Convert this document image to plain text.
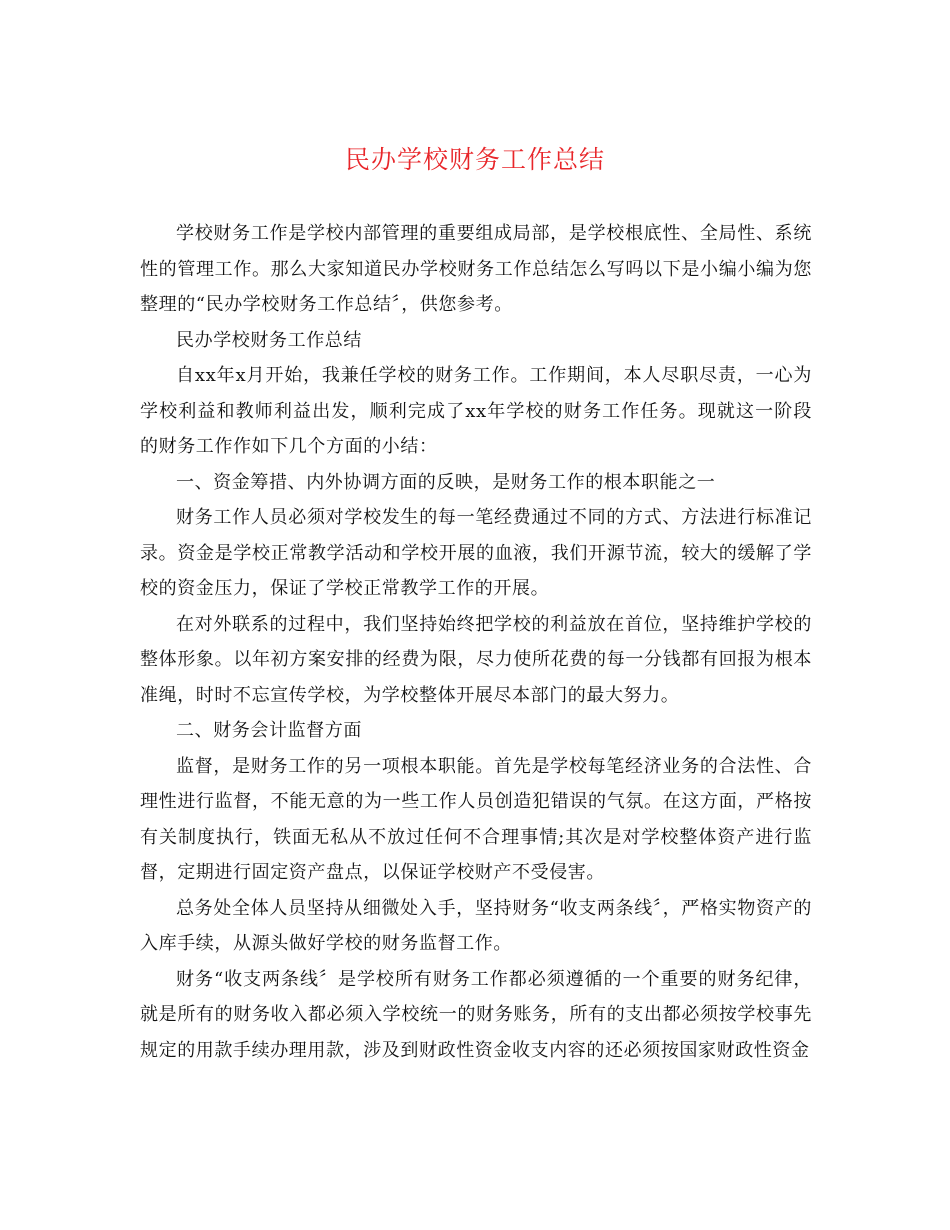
民办学校财务工作总结

学校财务工作是学校内部管理的重要组成局部，是学校根底性、全局性、系统性的管理工作。那么大家知道民办学校财务工作总结怎么写吗以下是小编小编为您整理的“民办学校财务工作总结〞，供您参考。

民办学校财务工作总结

自xx年x月开始，我兼任学校的财务工作。工作期间，本人尽职尽责，一心为学校利益和教师利益出发，顺利完成了xx年学校的财务工作任务。现就这一阶段的财务工作作如下几个方面的小结：

一、资金筹措、内外协调方面的反映，是财务工作的根本职能之一

财务工作人员必须对学校发生的每一笔经费通过不同的方式、方法进行标准记录。资金是学校正常教学活动和学校开展的血液，我们开源节流，较大的缓解了学校的资金压力，保证了学校正常教学工作的开展。

在对外联系的过程中，我们坚持始终把学校的利益放在首位，坚持维护学校的整体形象。以年初方案安排的经费为限，尽力使所花费的每一分钱都有回报为根本准绳，时时不忘宣传学校，为学校整体开展尽本部门的最大努力。

二、财务会计监督方面

监督，是财务工作的另一项根本职能。首先是学校每笔经济业务的合法性、合理性进行监督，不能无意的为一些工作人员创造犯错误的气氛。在这方面，严格按有关制度执行，铁面无私从不放过任何不合理事情;其次是对学校整体资产进行监督，定期进行固定资产盘点，以保证学校财产不受侵害。

总务处全体人员坚持从细微处入手，坚持财务“收支两条线〞，严格实物资产的入库手续，从源头做好学校的财务监督工作。

财务“收支两条线〞是学校所有财务工作都必须遵循的一个重要的财务纪律，就是所有的财务收入都必须入学校统一的财务账务，所有的支出都必须按学校事先规定的用款手续办理用款，涉及到财政性资金收支内容的还必须按国家财政性资金
